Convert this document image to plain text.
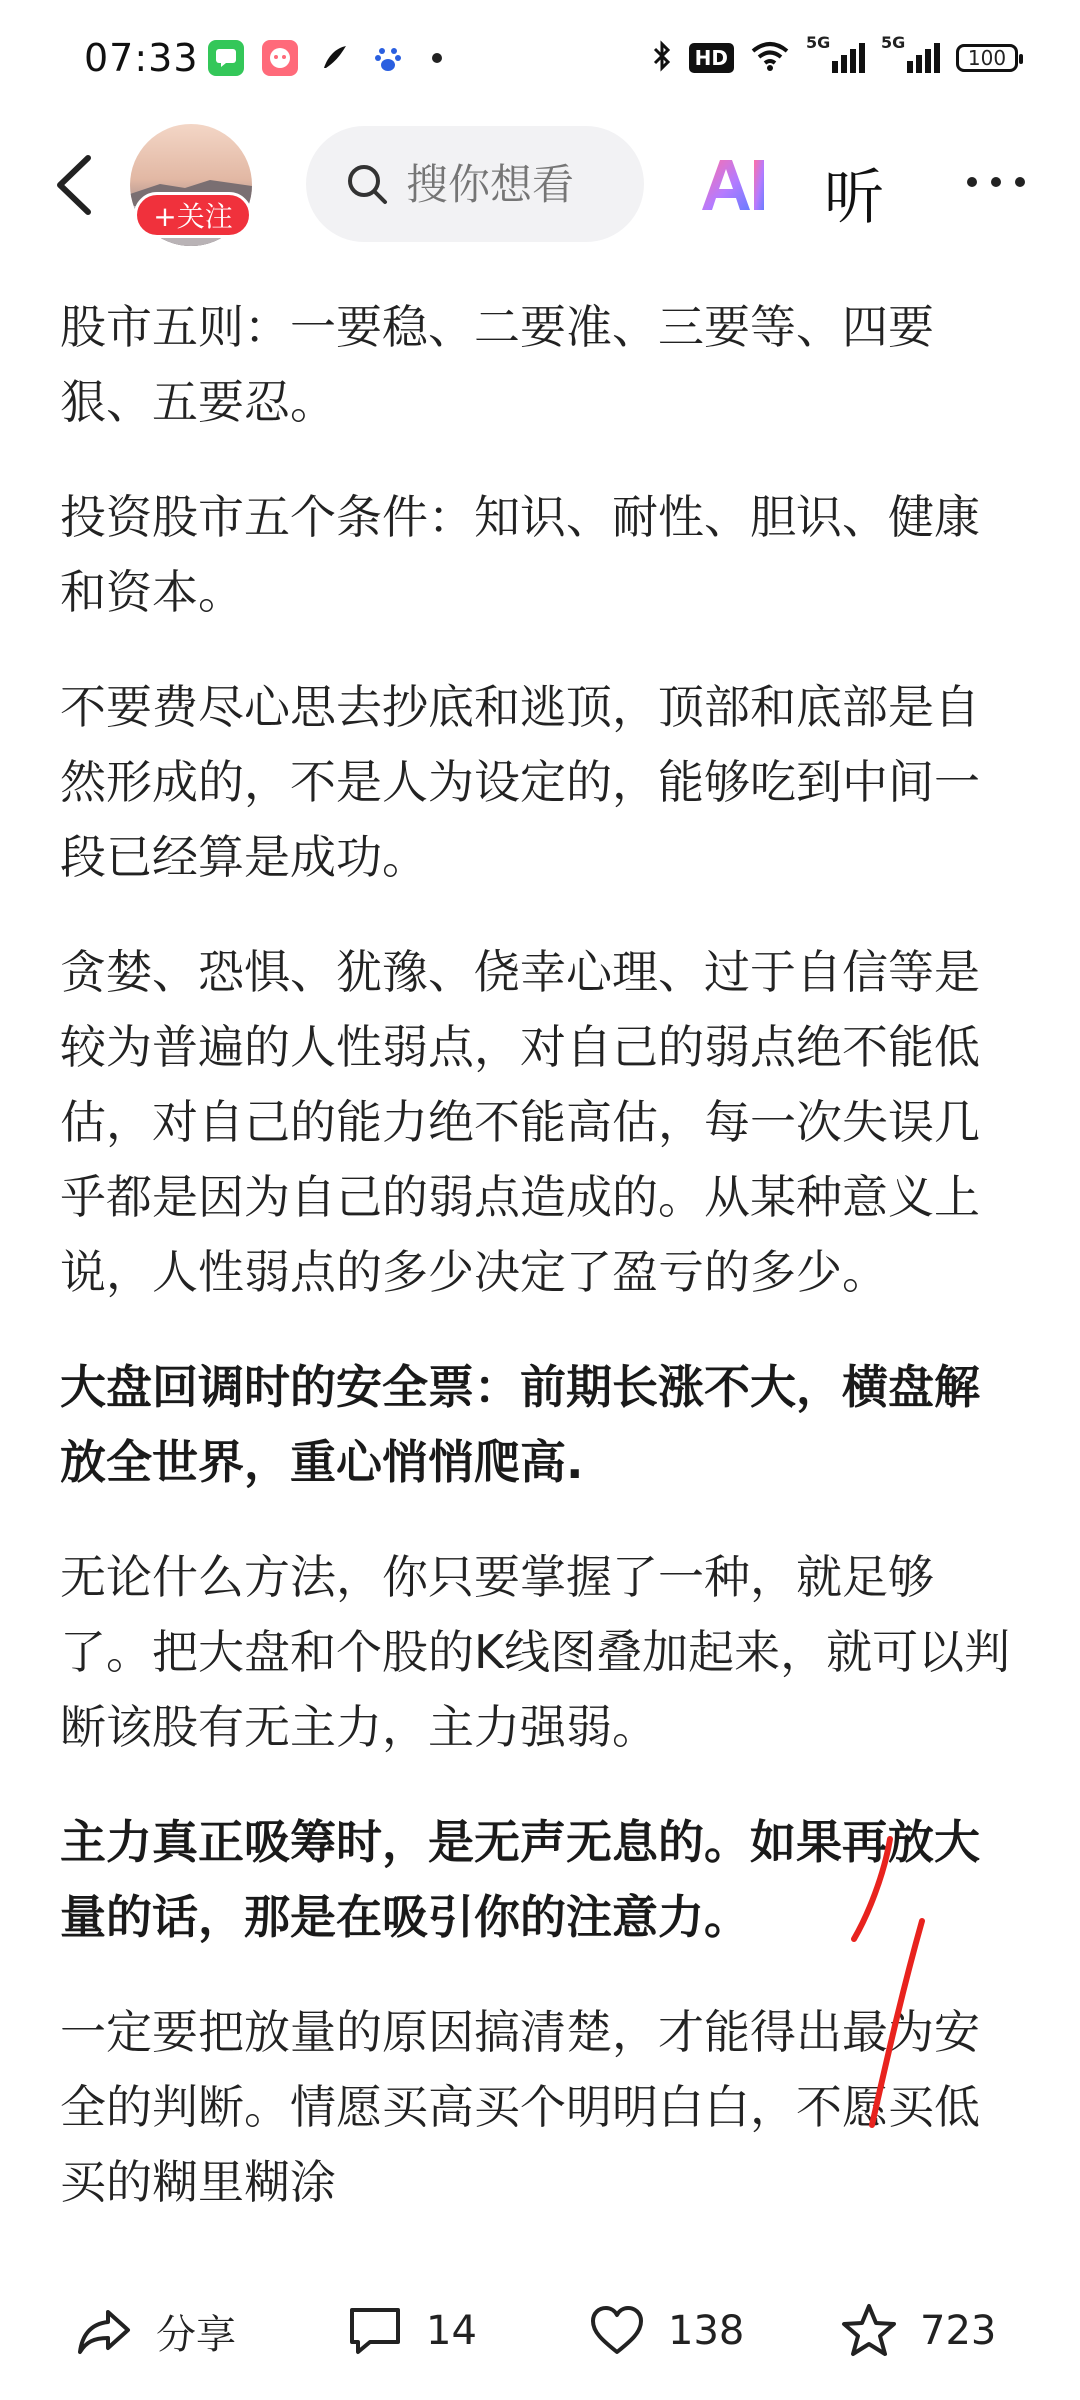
07:33	HD
5G	5G
100
+关注
搜你想看	听

股市五则：一要稳、二要准、三要等、四要狠、五要忍。

投资股市五个条件：知识、耐性、胆识、健康和资本。

不要费尽心思去抄底和逃顶，顶部和底部是自然形成的，不是人为设定的，能够吃到中间一段已经算是成功。

贪婪、恐惧、犹豫、侥幸心理、过于自信等是较为普遍的人性弱点，对自己的弱点绝不能低估，对自己的能力绝不能高估，每一次失误几乎都是因为自己的弱点造成的。从某种意义上说，人性弱点的多少决定了盈亏的多少。

大盘回调时的安全票：前期长涨不大，横盘解放全世界，重心悄悄爬高.

无论什么方法，你只要掌握了一种，就足够了。把大盘和个股的K线图叠加起来，就可以判断该股有无主力，主力强弱。

主力真正吸筹时，是无声无息的。如果再放大量的话，那是在吸引你的注意力。

一定要把放量的原因搞清楚，才能得出最为安全的判断。情愿买高买个明明白白，不愿买低买的糊里糊涂

分享	14	138	723
